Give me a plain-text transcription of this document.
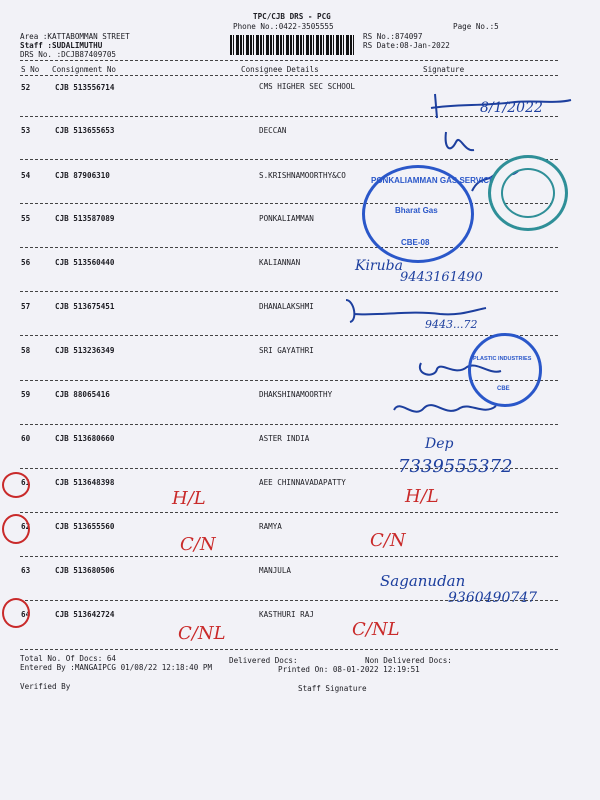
TPC/CJB DRS - PCG
Phone No.:0422-3505555	Page No.:5
Area :KATTABOMMAN STREET
Staff :SUDALIMUTHU
DRS No. :DCJB87409705
RS No.:874097
RS Date:08-Jan-2022
S No Consignment No	Consignee Details	Signature
52	CJB 513556714	CMS HIGHER SEC SCHOOL
53	CJB 513655653	DECCAN
54	CJB 87906310	S.KRISHNAMOORTHY&CO
55	CJB 513587089	PONKALIAMMAN
56	CJB 513560440	KALIANNAN
57	CJB 513675451	DHANALAKSHMI
58	CJB 513236349	SRI GAYATHRI
59	CJB 88065416	DHAKSHINAMOORTHY
60	CJB 513680660	ASTER INDIA
61	CJB 513648398	AEE CHINNAVADAPATTY
62	CJB 513655560	RAMYA
63	CJB 513680506	MANJULA
64	CJB 513642724	KASTHURI RAJ
8/1/2022
PONKALIAMMAN GAS SERVICE
Bharat Gas
CBE-08
Kiruba
9443161490
9443...72
PLASTIC INDUSTRIES
CBE
Dep
7339555372
H/L	H/L
C/N	C/N
C/NL	C/NL
Saganudan
9360490747
Total No. Of Docs: 64	Delivered Docs:	Non Delivered Docs:
Entered By :MANGAIPCG 01/08/22 12:18:40 PM	Printed On: 08-01-2022 12:19:51
Verified By	Staff Signature
